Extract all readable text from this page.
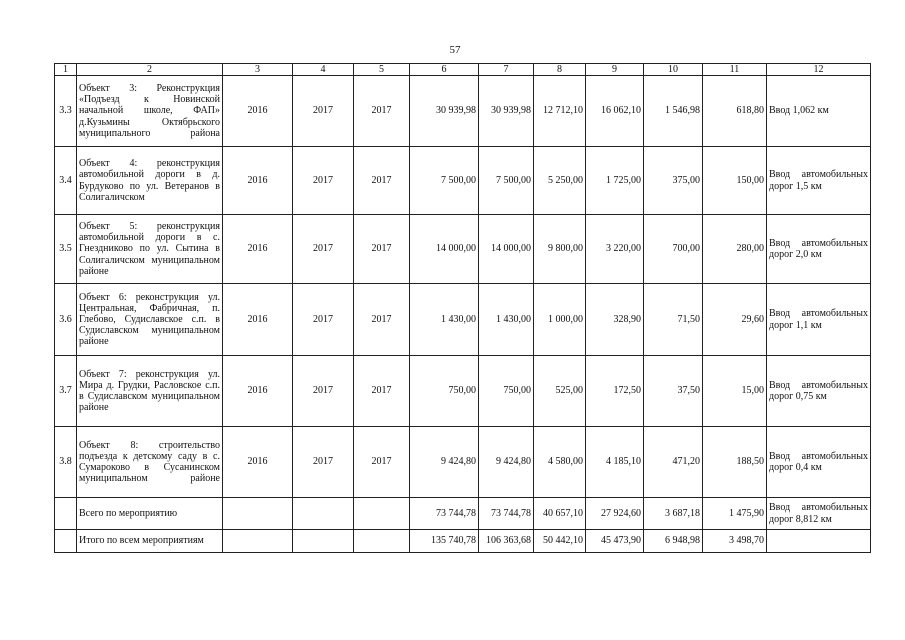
57
1	2	3	4	5	6	7	8	9	10	11	12
3.3	Объект 3: Реконструкция «Подъезд к Новинской начальной школе, ФАП» д.Кузьмины Октябрьского муниципального района	2016	2017	2017	30 939,98	30 939,98	12 712,10	16 062,10	1 546,98	618,80	Ввод 1,062 км
3.4	Объект 4: реконструкция автомобильной дороги в д. Бурдуково по ул. Ветеранов в Солигаличском	2016	2017	2017	7 500,00	7 500,00	5 250,00	1 725,00	375,00	150,00	Ввод автомобильных дорог 1,5 км
3.5	Объект 5: реконструкция автомобильной дороги в с. Гнездниково по ул. Сытина в Солигаличском муниципальном районе	2016	2017	2017	14 000,00	14 000,00	9 800,00	3 220,00	700,00	280,00	Ввод автомобильных дорог 2,0 км
3.6	Объект 6: реконструкция ул. Центральная, Фабричная, п. Глебово, Судиславское с.п. в Судиславском муниципальном районе	2016	2017	2017	1 430,00	1 430,00	1 000,00	328,90	71,50	29,60	Ввод автомобильных дорог 1,1 км
3.7	Объект 7: реконструкция ул. Мира д. Грудки, Расловское с.п. в Судиславском муниципальном районе	2016	2017	2017	750,00	750,00	525,00	172,50	37,50	15,00	Ввод автомобильных дорог 0,75 км
3.8	Объект 8: строительство подъезда к детскому саду в с. Сумароково в Сусанинском муниципальном районе	2016	2017	2017	9 424,80	9 424,80	4 580,00	4 185,10	471,20	188,50	Ввод автомобильных дорог 0,4 км
	Всего по мероприятию				73 744,78	73 744,78	40 657,10	27 924,60	3 687,18	1 475,90	Ввод автомобильных дорог 8,812 км
	Итого по всем мероприятиям				135 740,78	106 363,68	50 442,10	45 473,90	6 948,98	3 498,70	
